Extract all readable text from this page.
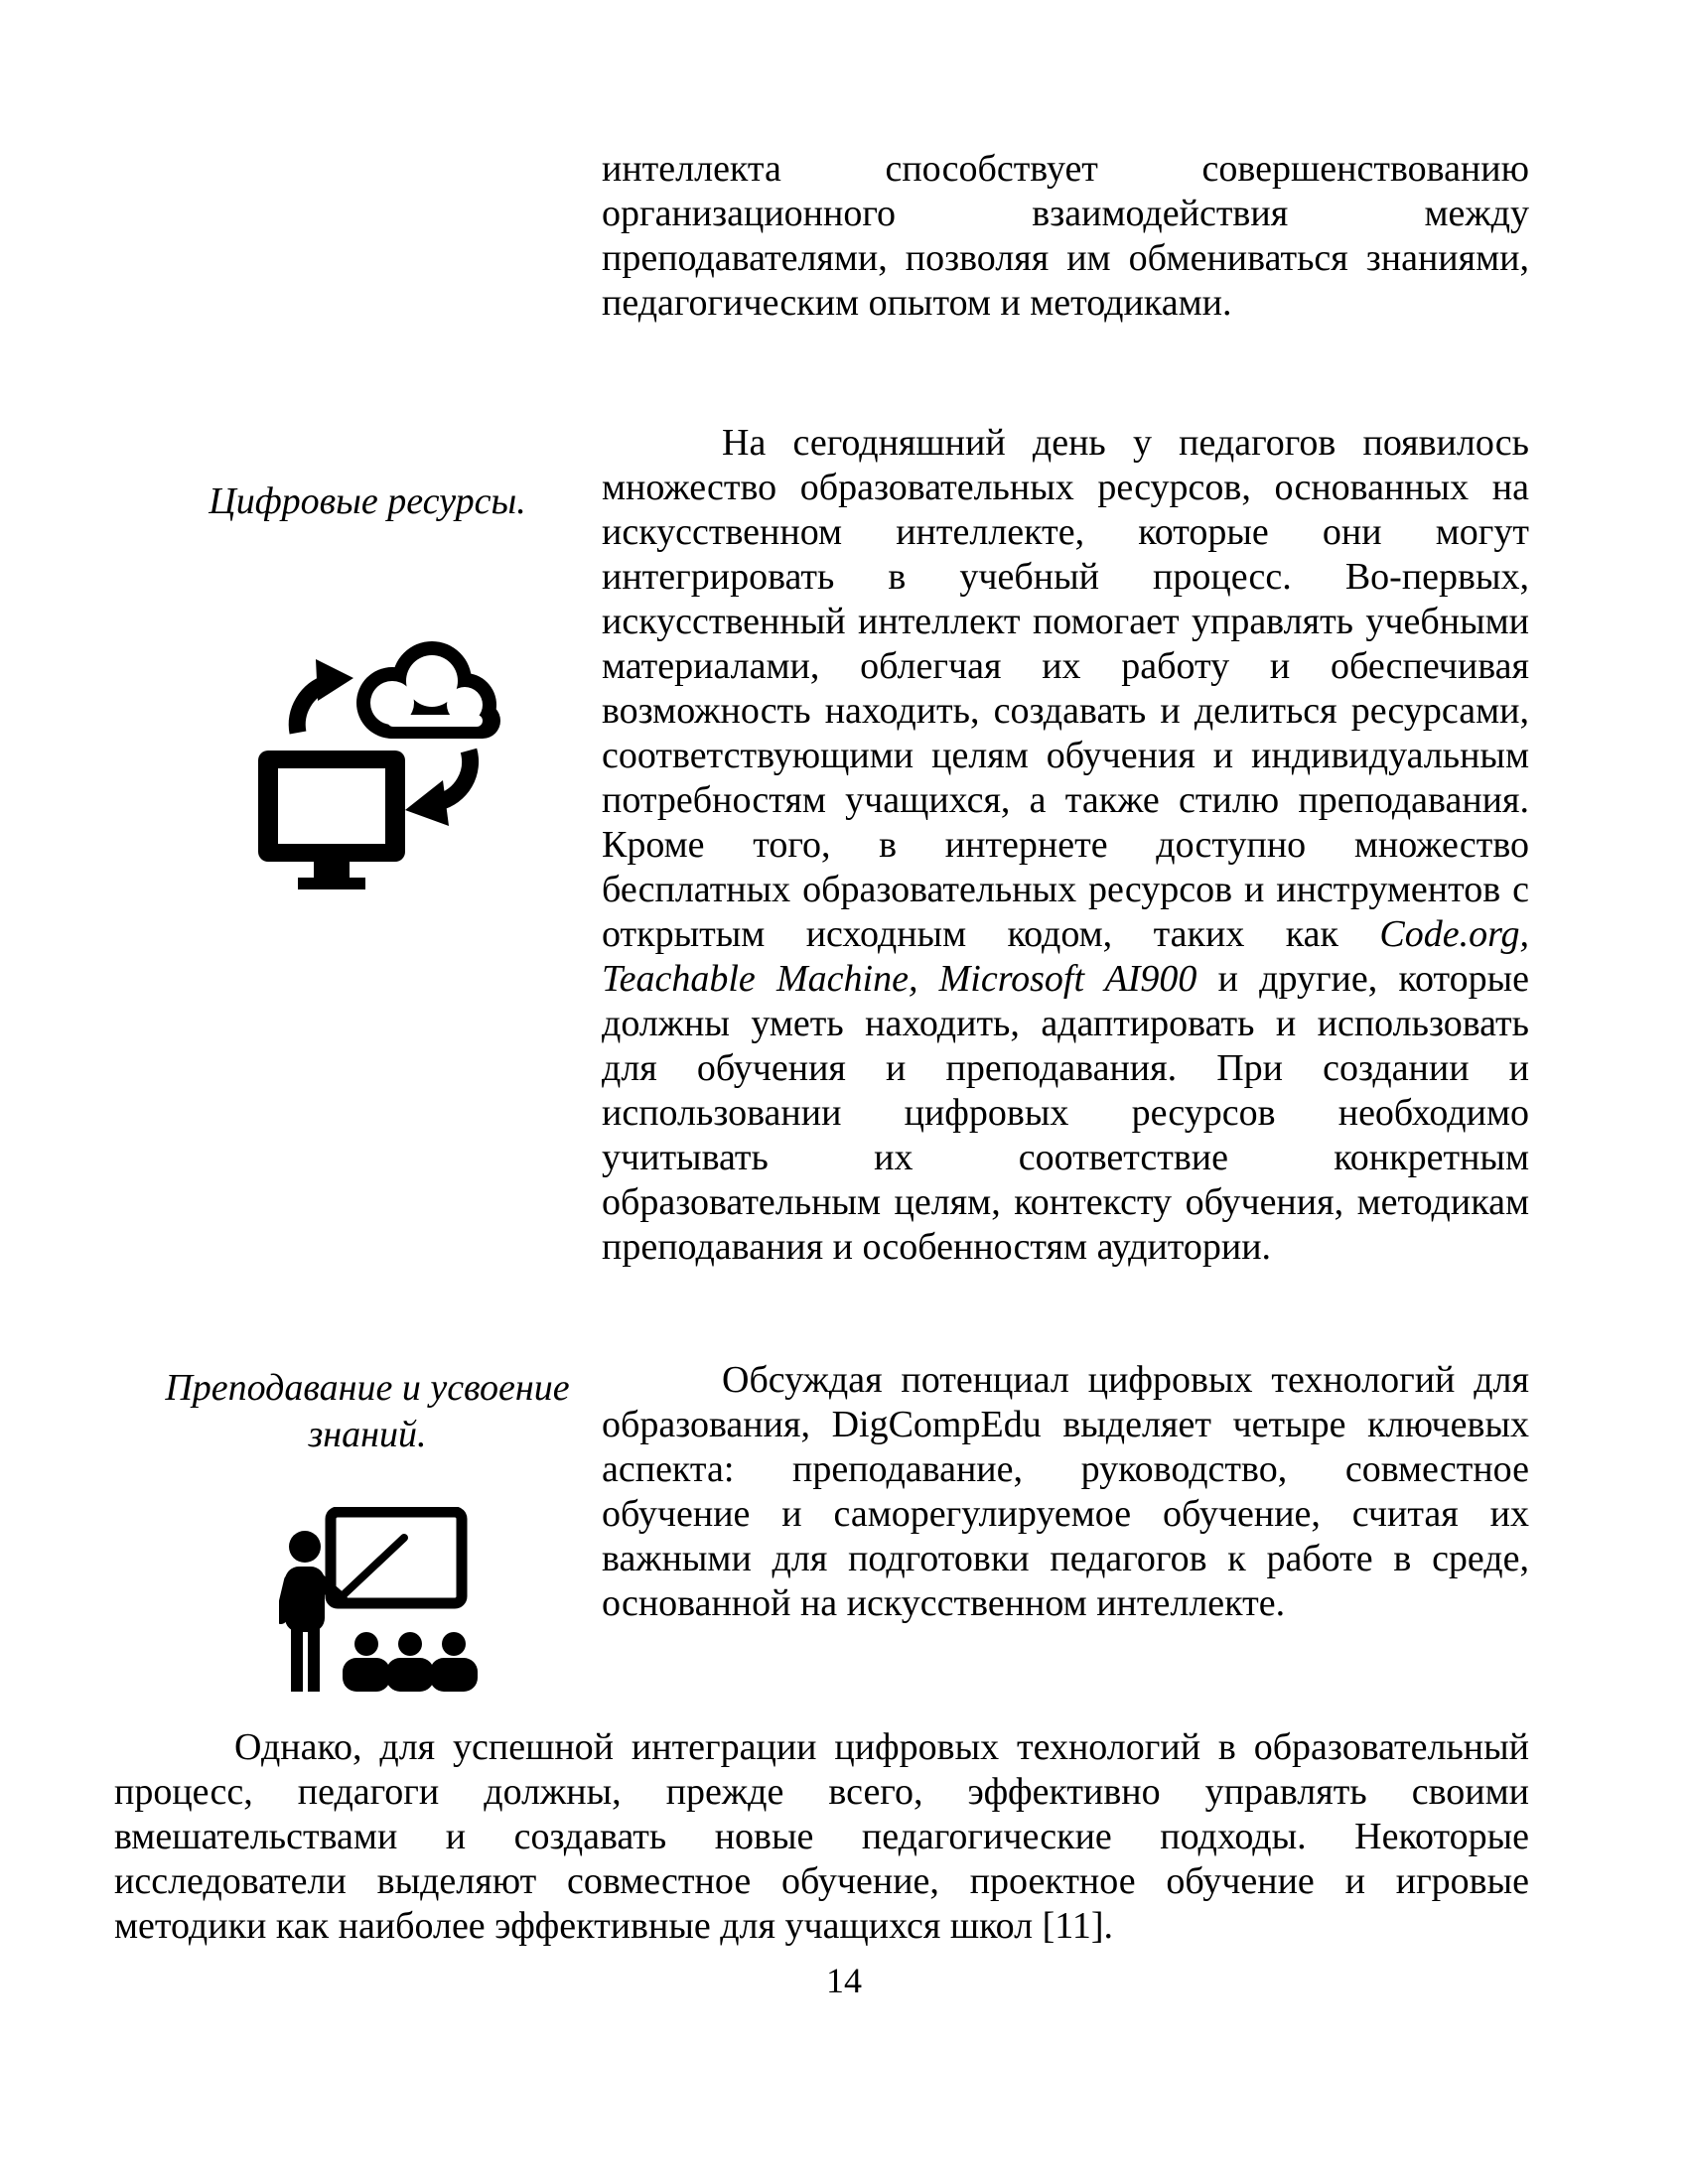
интеллекта способствует совершенствованию организационного взаимодействия между преподавателями, позволяя им обмениваться знаниями, педагогическим опытом и методиками.

Цифровые ресурсы.

На сегодняшний день у педагогов появилось множество образовательных ресурсов, основанных на искусственном интеллекте, которые они могут интегрировать в учебный процесс. Во-первых, искусственный интеллект помогает управлять учебными материалами, облегчая их работу и обеспечивая возможность находить, создавать и делиться ресурсами, соответствующими целям обучения и индивидуальным потребностям учащихся, а также стилю преподавания. Кроме того, в интернете доступно множество бесплатных образовательных ресурсов и инструментов с открытым исходным кодом, таких как Code.org, Teachable Machine, Microsoft AI900 и другие, которые должны уметь находить, адаптировать и использовать для обучения и преподавания. При создании и использовании цифровых ресурсов необходимо учитывать их соответствие конкретным образовательным целям, контексту обучения, методикам преподавания и особенностям аудитории.

Преподавание и усвоение знаний.

Обсуждая потенциал цифровых технологий для образования, DigCompEdu выделяет четыре ключевых аспекта: преподавание, руководство, совместное обучение и саморегулируемое обучение, считая их важными для подготовки педагогов к работе в среде, основанной на искусственном интеллекте.

Однако, для успешной интеграции цифровых технологий в образовательный процесс, педагоги должны, прежде всего, эффективно управлять своими вмешательствами и создавать новые педагогические подходы. Некоторые исследователи выделяют совместное обучение, проектное обучение и игровые методики как наиболее эффективные для учащихся школ [11].

14
